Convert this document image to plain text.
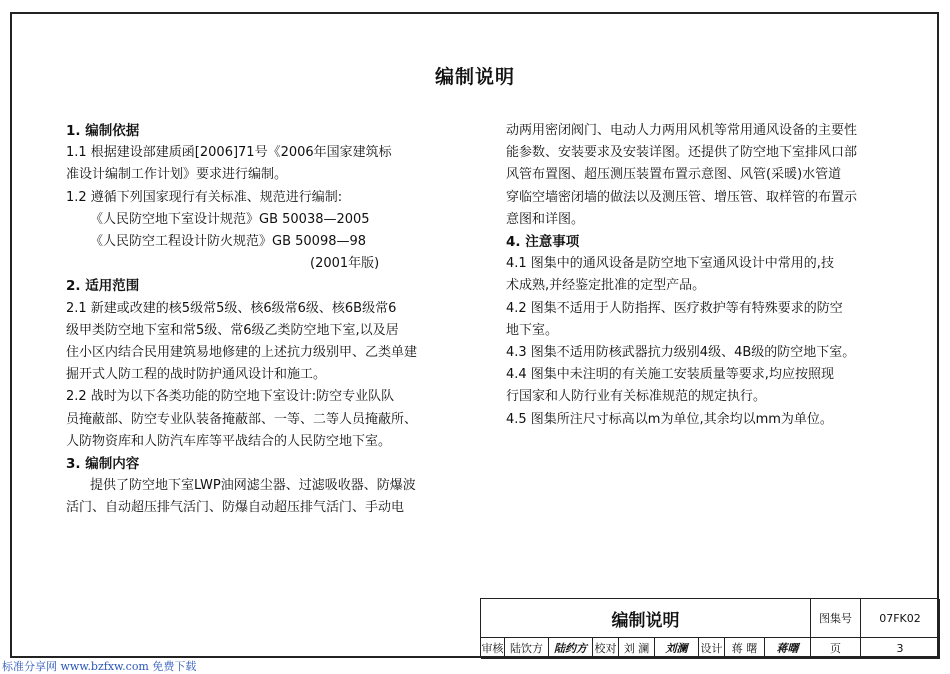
编制说明

1. 编制依据

1.1 根据建设部建质函[2006]71号《2006年国家建筑标

准设计编制工作计划》要求进行编制。

1.2 遵循下列国家现行有关标准、规范进行编制:

《人民防空地下室设计规范》GB 50038—2005

《人民防空工程设计防火规范》GB 50098—98

(2001年版)

2. 适用范围

2.1 新建或改建的核5级常5级、核6级常6级、核6B级常6

级甲类防空地下室和常5级、常6级乙类防空地下室,以及居

住小区内结合民用建筑易地修建的上述抗力级别甲、乙类单建

掘开式人防工程的战时防护通风设计和施工。

2.2 战时为以下各类功能的防空地下室设计:防空专业队队

员掩蔽部、防空专业队装备掩蔽部、一等、二等人员掩蔽所、

人防物资库和人防汽车库等平战结合的人民防空地下室。

3. 编制内容

提供了防空地下室LWP油网滤尘器、过滤吸收器、防爆波

活门、自动超压排气活门、防爆自动超压排气活门、手动电

动两用密闭阀门、电动人力两用风机等常用通风设备的主要性

能参数、安装要求及安装详图。还提供了防空地下室排风口部

风管布置图、超压测压装置布置示意图、风管(采暖)水管道

穿临空墙密闭墙的做法以及测压管、增压管、取样管的布置示

意图和详图。

4. 注意事项

4.1 图集中的通风设备是防空地下室通风设计中常用的,技

术成熟,并经鉴定批准的定型产品。

4.2 图集不适用于人防指挥、医疗救护等有特殊要求的防空

地下室。

4.3 图集不适用防核武器抗力级别4级、4B级的防空地下室。

4.4 图集中未注明的有关施工安装质量等要求,均应按照现

行国家和人防行业有关标准规范的规定执行。

4.5 图集所注尺寸标高以m为单位,其余均以mm为单位。

编制说明	图集号	07FK02
审核 陆饮方	陆约方 校对 刘 澜	刘澜	设计 蒋 曙	蒋曙	页	3
标准分享网 www.bzfxw.com 免费下载
